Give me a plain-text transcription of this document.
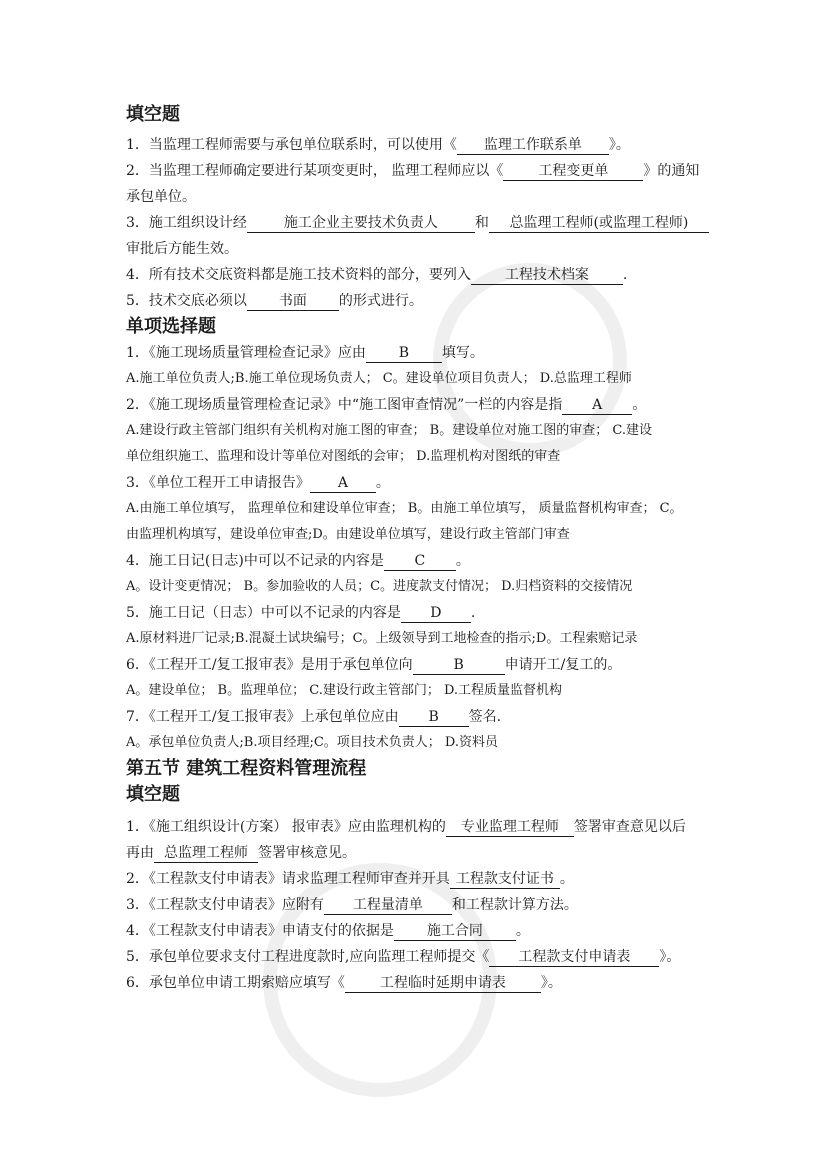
填空题
1．当监理工程师需要与承包单位联系时，可以使用《 监理工作联系单 》。
2．当监理工程师确定要进行某项变更时， 监理工程师应以《	工程变更单	》的通知
承包单位。
3．施工组织设计经	施工企业主要技术负责人	和 总监理工程师(或监理工程师)
审批后方能生效。
4．所有技术交底资料都是施工技术资料的部分，要列入 工程技术档案 .
5．技术交底必须以 书面 的形式进行。
单项选择题
1．《施工现场质量管理检查记录》应由 B 填写。
A.施工单位负责人;B.施工单位现场负责人； C。建设单位项目负责人； D.总监理工程师
2．《施工现场质量管理检查记录》中“施工图审查情况”一栏的内容是指 A 。
A.建设行政主管部门组织有关机构对施工图的审查； B。建设单位对施工图的审查； C.建设
单位组织施工、监理和设计等单位对图纸的会审； D.监理机构对图纸的审查
3．《单位工程开工申请报告》 A 。
A.由施工单位填写， 监理单位和建设单位审查； B。由施工单位填写， 质量监督机构审查； C。
由监理机构填写，建设单位审查;D。由建设单位填写，建设行政主管部门审查
4．施工日记(日志)中可以不记录的内容是 C 。
A。设计变更情况； B。参加验收的人员；C。进度款支付情况； D.归档资料的交接情况
5．施工日记（日志）中可以不记录的内容是 D .
A.原材料进厂记录;B.混凝土试块编号；C。上级领导到工地检查的指示;D。工程索赔记录
6．《工程开工/复工报审表》是用于承包单位向	B	申请开工/复工的。
A。建设单位； B。监理单位； C.建设行政主管部门； D.工程质量监督机构
7．《工程开工/复工报审表》上承包单位应由 B 签名.
A。承包单位负责人;B.项目经理;C。项目技术负责人； D.资料员
第五节 建筑工程资料管理流程
填空题
1．《施工组织设计(方案） 报审表》应由监理机构的 专业监理工程师 签署审查意见以后
再由 总监理工程师 签署审核意见。
2．《工程款支付申请表》请求监理工程师审查并开具 工程款支付证书 。
3．《工程款支付申请表》应附有 工程量清单 和工程款计算方法。
4．《工程款支付申请表》申请支付的依据是 施工合同 。
5．承包单位要求支付工程进度款时,应向监理工程师提交《 工程款支付申请表 》。
6．承包单位申请工期索赔应填写《	工程临时延期申请表	》。
